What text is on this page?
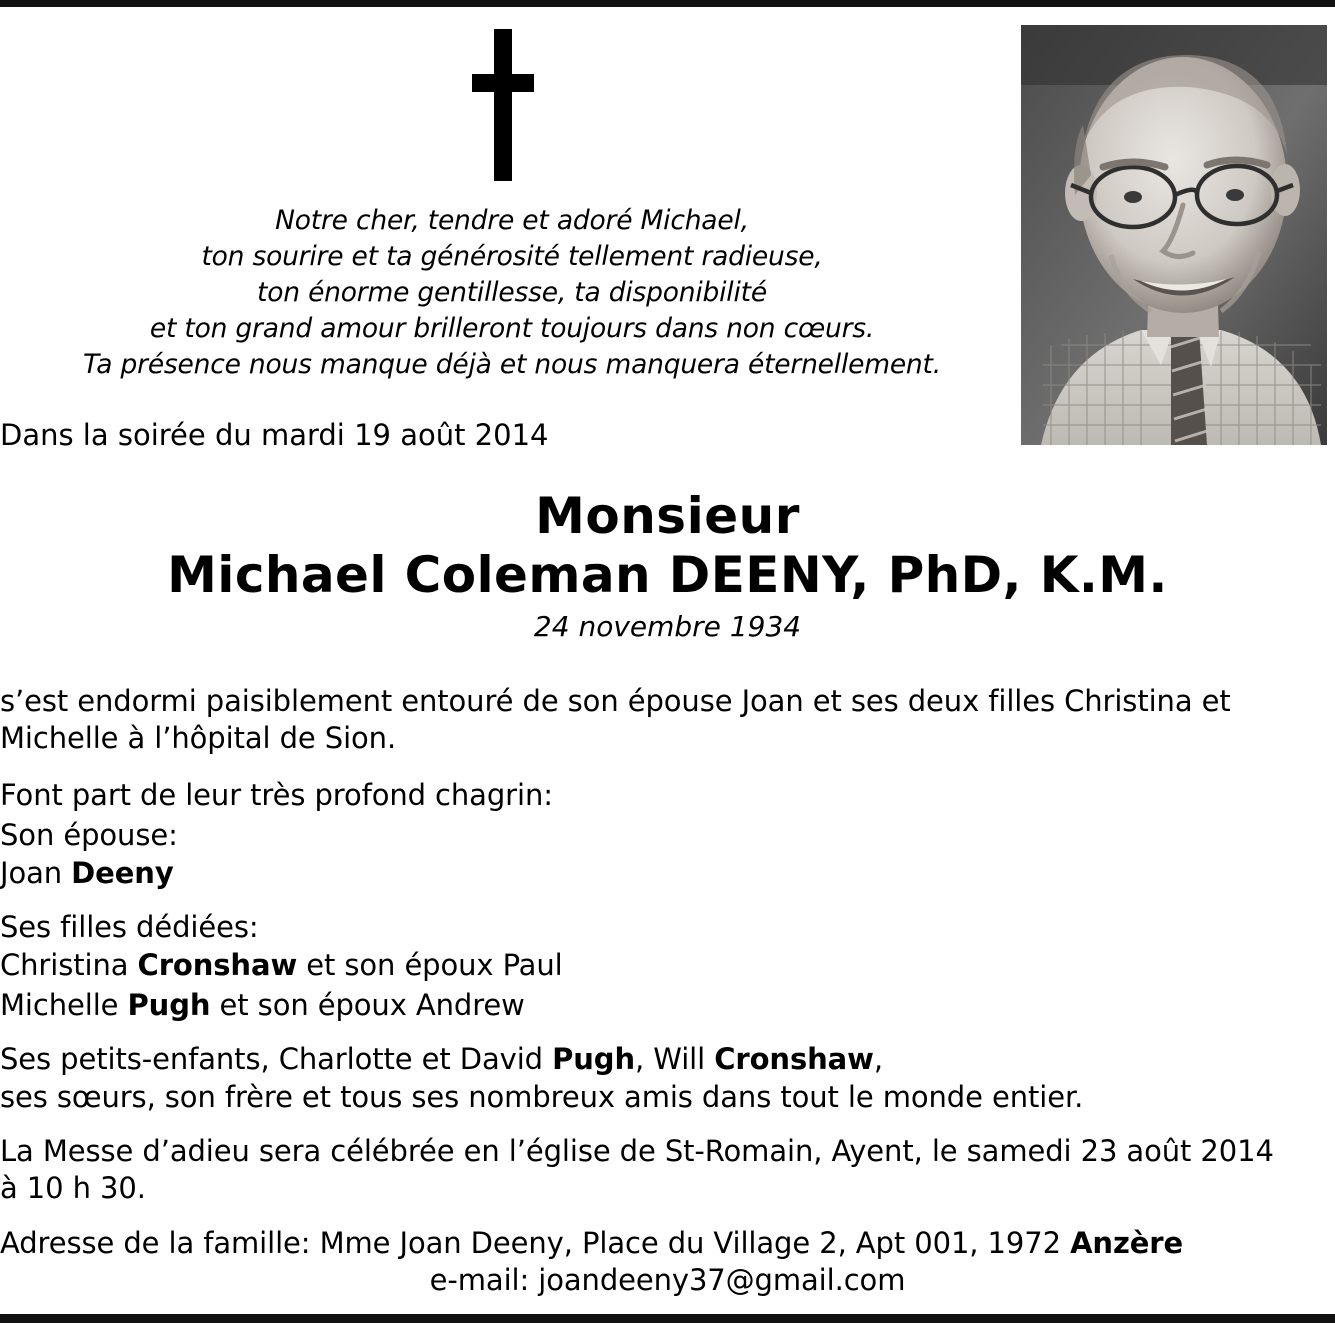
Notre cher, tendre et adoré Michael,
ton sourire et ta générosité tellement radieuse,
ton énorme gentillesse, ta disponibilité
et ton grand amour brilleront toujours dans non cœurs.
Ta présence nous manque déjà et nous manquera éternellement.
Dans la soirée du mardi 19 août 2014
Monsieur
Michael Coleman DEENY, PhD, K.M.
24 novembre 1934
s’est endormi paisiblement entouré de son épouse Joan et ses deux filles Christina et
Michelle à l’hôpital de Sion.
Font part de leur très profond chagrin:
Son épouse:
Joan Deeny
Ses filles dédiées:
Christina Cronshaw et son époux Paul
Michelle Pugh et son époux Andrew
Ses petits-enfants, Charlotte et David Pugh, Will Cronshaw,
ses sœurs, son frère et tous ses nombreux amis dans tout le monde entier.
La Messe d’adieu sera célébrée en l’église de St-Romain, Ayent, le samedi 23 août 2014
à 10 h 30.
Adresse de la famille: Mme Joan Deeny, Place du Village 2, Apt 001, 1972 Anzère
e-mail: joandeeny37@gmail.com
